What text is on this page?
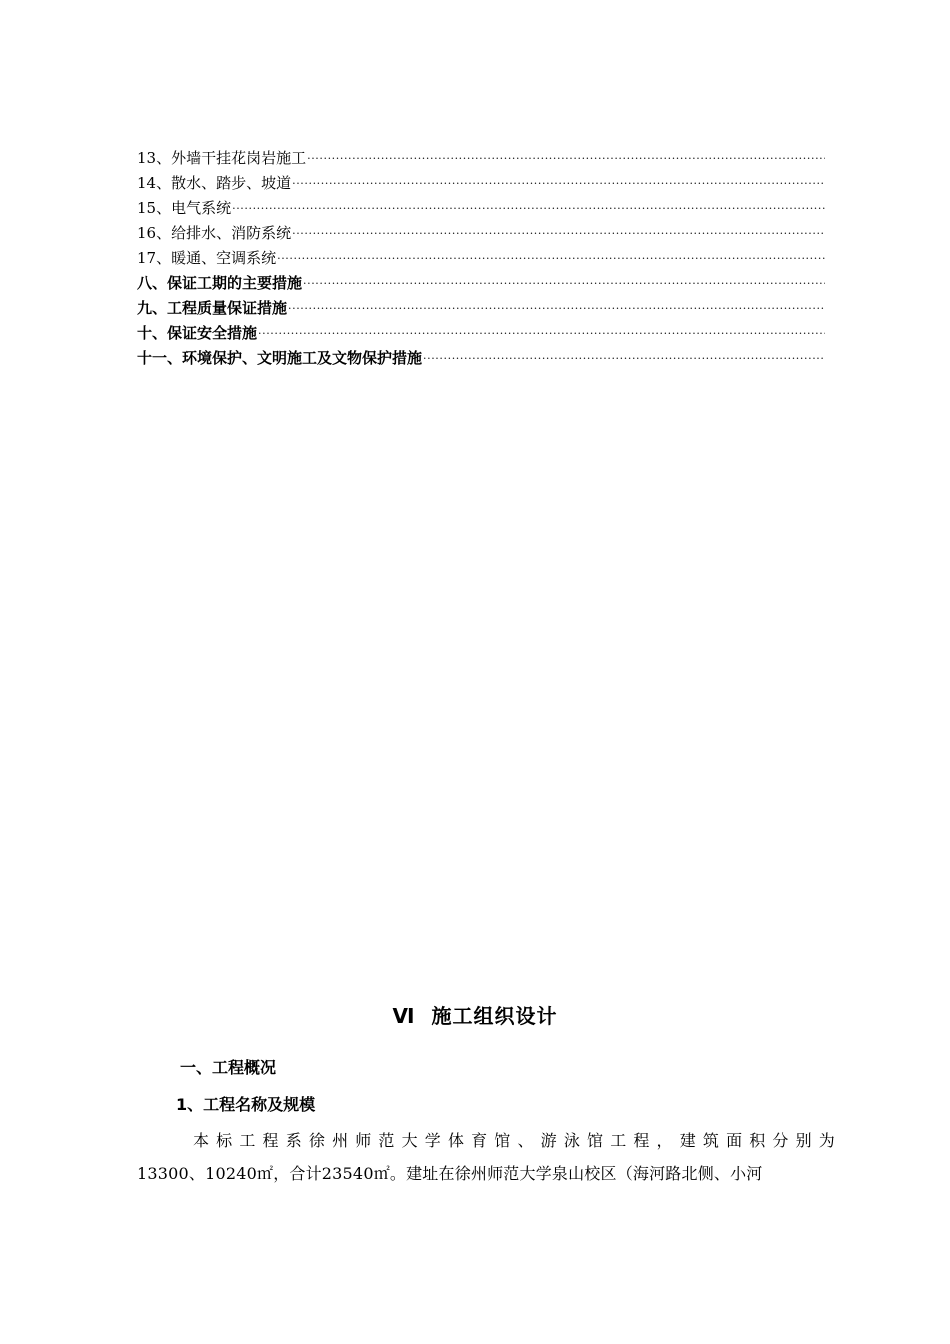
13、外墙干挂花岗岩施工
·····
14、散水、踏步、坡道
·····
15、电气系统
·····
16、给排水、消防系统
·····
17、暖通、空调系统
·····
八、保证工期的主要措施
·····
九、工程质量保证措施
·····
十、保证安全措施
·····
十一、环境保护、文明施工及文物保护措施
·····
Ⅵ  施工组织设计
一、工程概况
1、工程名称及规模
本标工程系徐州师范大学体育馆、游泳馆工程，建筑面积分别为
13300、10240㎡，合计23540㎡。建址在徐州师范大学泉山校区（海河路北侧、小河
